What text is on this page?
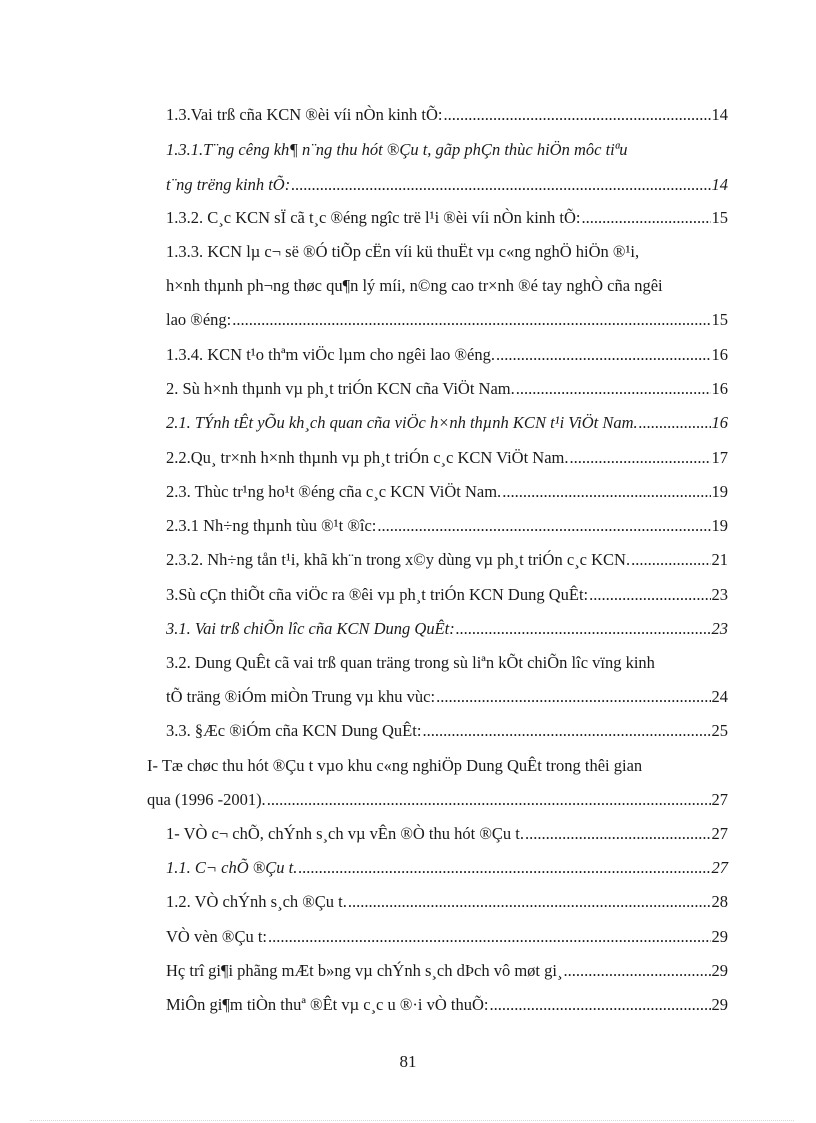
1.3.Vai trß cña KCN ®èi víi nÒn kinh tÕ: .....	14
1.3.1.T¨ng cêng kh¶ n¨ng thu hót ®Çu t, gãp phÇn thùc hiÖn môc tiªu
t¨ng trëng kinh tÕ: .....	14
1.3.2. C¸c KCN sÏ cã t¸c ®éng ngîc trë l¹i ®èi víi nÒn kinh tÕ: .....	15
1.3.3. KCN lµ c¬ së ®Ó tiÕp cËn víi kü thuËt vµ c«ng nghÖ hiÖn ®¹i,
h×nh thµnh ph¬ng thøc qu¶n lý míi, n©ng cao tr×nh ®é tay nghÒ cña ngêi
lao ®éng: .....	15
1.3.4. KCN t¹o thªm viÖc lµm cho ngêi lao ®éng. .....	16
2. Sù h×nh thµnh vµ ph¸t triÓn KCN cña ViÖt Nam. .....	16
2.1. TÝnh tÊt yÕu kh¸ch quan cña viÖc h×nh thµnh KCN t¹i ViÖt Nam. .....	16
2.2.Qu¸ tr×nh h×nh thµnh vµ ph¸t triÓn c¸c KCN ViÖt Nam. .....	17
2.3. Thùc tr¹ng ho¹t ®éng cña c¸c KCN ViÖt Nam. .....	19
2.3.1 Nh÷ng thµnh tùu ®¹t ®îc: .....	19
2.3.2. Nh÷ng tån t¹i, khã kh¨n trong x©y dùng vµ ph¸t triÓn c¸c KCN. .....	21
3.Sù cÇn thiÕt cña viÖc ra ®êi vµ ph¸t triÓn KCN Dung QuÊt: .....	23
3.1. Vai trß chiÕn lîc cña KCN Dung QuÊt: .....	23
3.2. Dung QuÊt cã vai trß quan träng trong sù liªn kÕt chiÕn lîc vïng kinh
tÕ träng ®iÓm miÒn Trung vµ khu vùc: .....	24
3.3. §Æc ®iÓm cña KCN Dung QuÊt: .....	25
I- Tæ chøc thu hót ®Çu t vµo khu c«ng nghiÖp Dung QuÊt trong thêi gian
qua (1996 -2001). .....	27
1- VÒ c¬ chÕ, chÝnh s¸ch vµ vÊn ®Ò thu hót ®Çu t. .....	27
1.1. C¬ chÕ ®Çu t. .....	27
1.2. VÒ chÝnh s¸ch ®Çu t. .....	28
VÒ vèn ®Çu t: .....	29
Hç trî gi¶i phãng mÆt b»ng vµ chÝnh s¸ch dÞch vô møt gi¸ .....	29
MiÔn gi¶m tiÒn thuª ®Êt vµ c¸c u ®·i vÒ thuÕ: .....	29
81
